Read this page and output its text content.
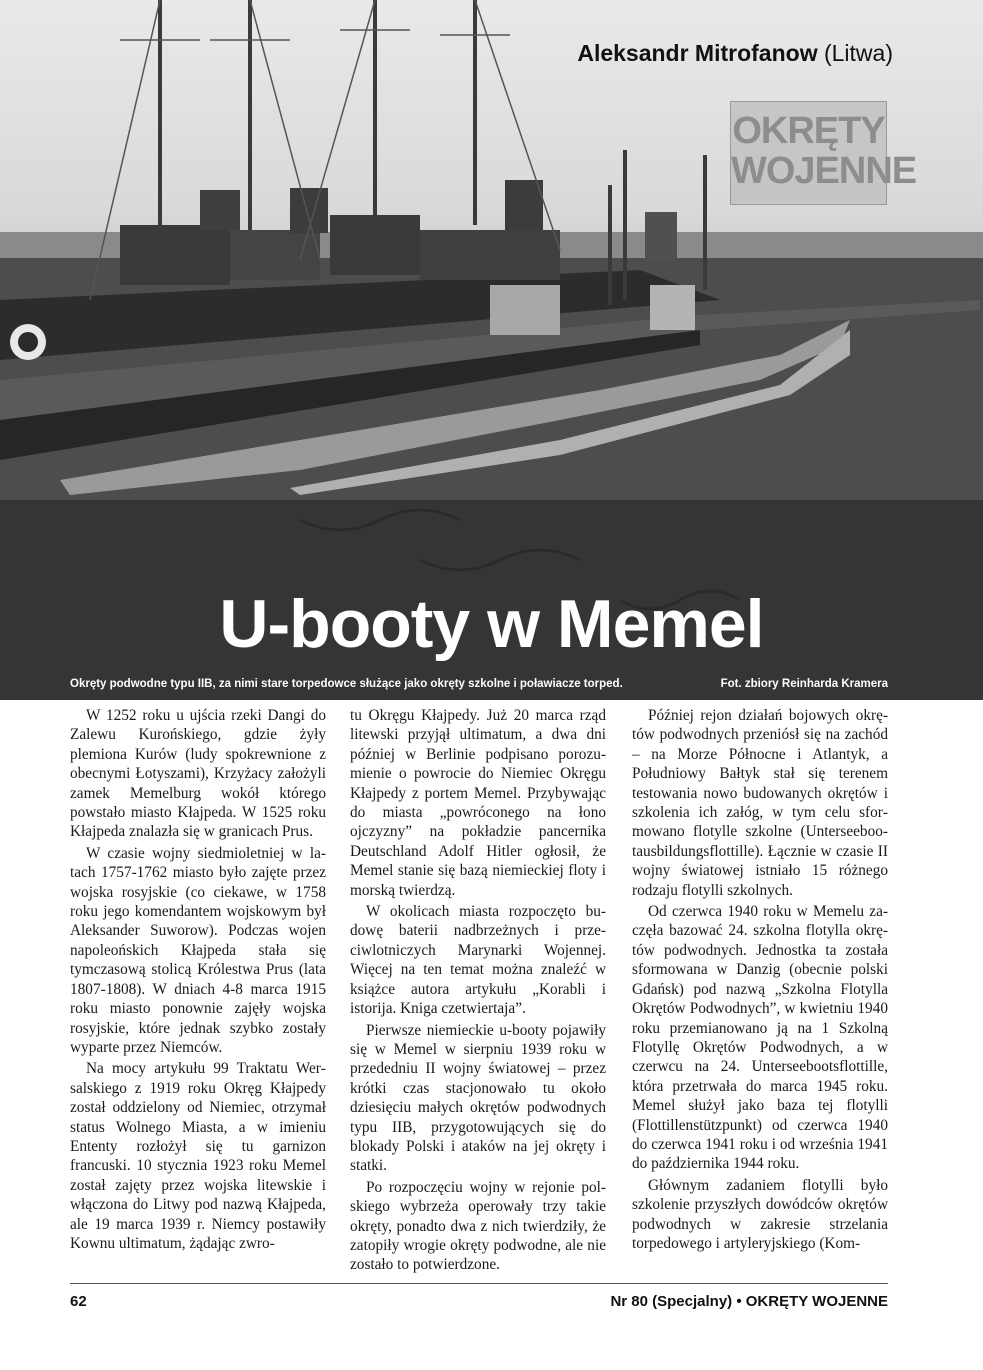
Aleksandr Mitrofanow (Litwa)
OKRĘTY
WOJENNE
U-booty w Memel
Okręty podwodne typu IIB, za nimi stare torpedowce służące jako okręty szkolne i poławiacze torped.	Fot. zbiory Reinharda Kramera

W 1252 roku u ujścia rzeki Dangi do Zalewu Kurońskiego, gdzie żyły plemiona Kurów (ludy spokrewnione z obecnymi Łotyszami), Krzyżacy założyli zamek Memelburg wokół którego powstało miasto Kłajpeda. W 1525 roku Kłajpeda znalazła się w granicach Prus.

W czasie wojny siedmioletniej w latach 1757-1762 miasto było zajęte przez wojska rosyjskie (co ciekawe, w 1758 roku jego komendantem wojskowym był Aleksander Suworow). Podczas wojen napoleońskich Kłajpeda stała się tymczasową stolicą Królestwa Prus (lata 1807-1808). W dniach 4-8 marca 1915 roku miasto ponownie zajęły wojska rosyjskie, które jednak szybko zostały wyparte przez Niemców.

Na mocy artykułu 99 Traktatu Wersalskiego z 1919 roku Okręg Kłajpedy został oddzielony od Niemiec, otrzymał status Wolnego Miasta, a w imieniu Ententy rozłożył się tu garnizon francuski. 10 stycznia 1923 roku Memel został zajęty przez wojska litewskie i włączona do Litwy pod nazwą Kłajpeda, ale 19 marca 1939 r. Niemcy postawiły Kownu ultimatum, żądając zwro-

tu Okręgu Kłajpedy. Już 20 marca rząd litewski przyjął ultimatum, a dwa dni później w Berlinie podpisano porozumienie o powrocie do Niemiec Okręgu Kłajpedy z portem Memel. Przybywając do miasta „powróconego na łono ojczyzny” na pokładzie pancernika Deutschland Adolf Hitler ogłosił, że Memel stanie się bazą niemieckiej floty i morską twierdzą.

W okolicach miasta rozpoczęto budowę baterii nadbrzeżnych i przeciwlotniczych Marynarki Wojennej. Więcej na ten temat można znaleźć w książce autora artykułu „Korabli i istorija. Kniga czetwiertaja”.

Pierwsze niemieckie u-booty pojawiły się w Memel w sierpniu 1939 roku w przededniu II wojny światowej – przez krótki czas stacjonowało tu około dziesięciu małych okrętów podwodnych typu IIB, przygotowujących się do blokady Polski i ataków na jej okręty i statki.

Po rozpoczęciu wojny w rejonie polskiego wybrzeża operowały trzy takie okręty, ponadto dwa z nich twierdziły, że zatopiły wrogie okręty podwodne, ale nie zostało to potwierdzone.

Później rejon działań bojowych okrętów podwodnych przeniósł się na zachód – na Morze Północne i Atlantyk, a Południowy Bałtyk stał się terenem testowania nowo budowanych okrętów i szkolenia ich załóg, w tym celu sformowano flotylle szkolne (Unterseebootausbildungsflottille). Łącznie w czasie II wojny światowej istniało 15 różnego rodzaju flotylli szkolnych.

Od czerwca 1940 roku w Memelu zaczęła bazować 24. szkolna flotylla okrętów podwodnych. Jednostka ta została sformowana w Danzig (obecnie polski Gdańsk) pod nazwą „Szkolna Flotylla Okrętów Podwodnych”, w kwietniu 1940 roku przemianowano ją na 1 Szkolną Flotyllę Okrętów Podwodnych, a w czerwcu na 24. Unterseebootsflottille, która przetrwała do marca 1945 roku. Memel służył jako baza tej flotylli (Flottillenstützpunkt) od czerwca 1940 do czerwca 1941 roku i od września 1941 do października 1944 roku.

Głównym zadaniem flotylli było szkolenie przyszłych dowódców okrętów podwodnych w zakresie strzelania torpedowego i artyleryjskiego (Kom-

62	Nr 80 (Specjalny) • OKRĘTY WOJENNE
